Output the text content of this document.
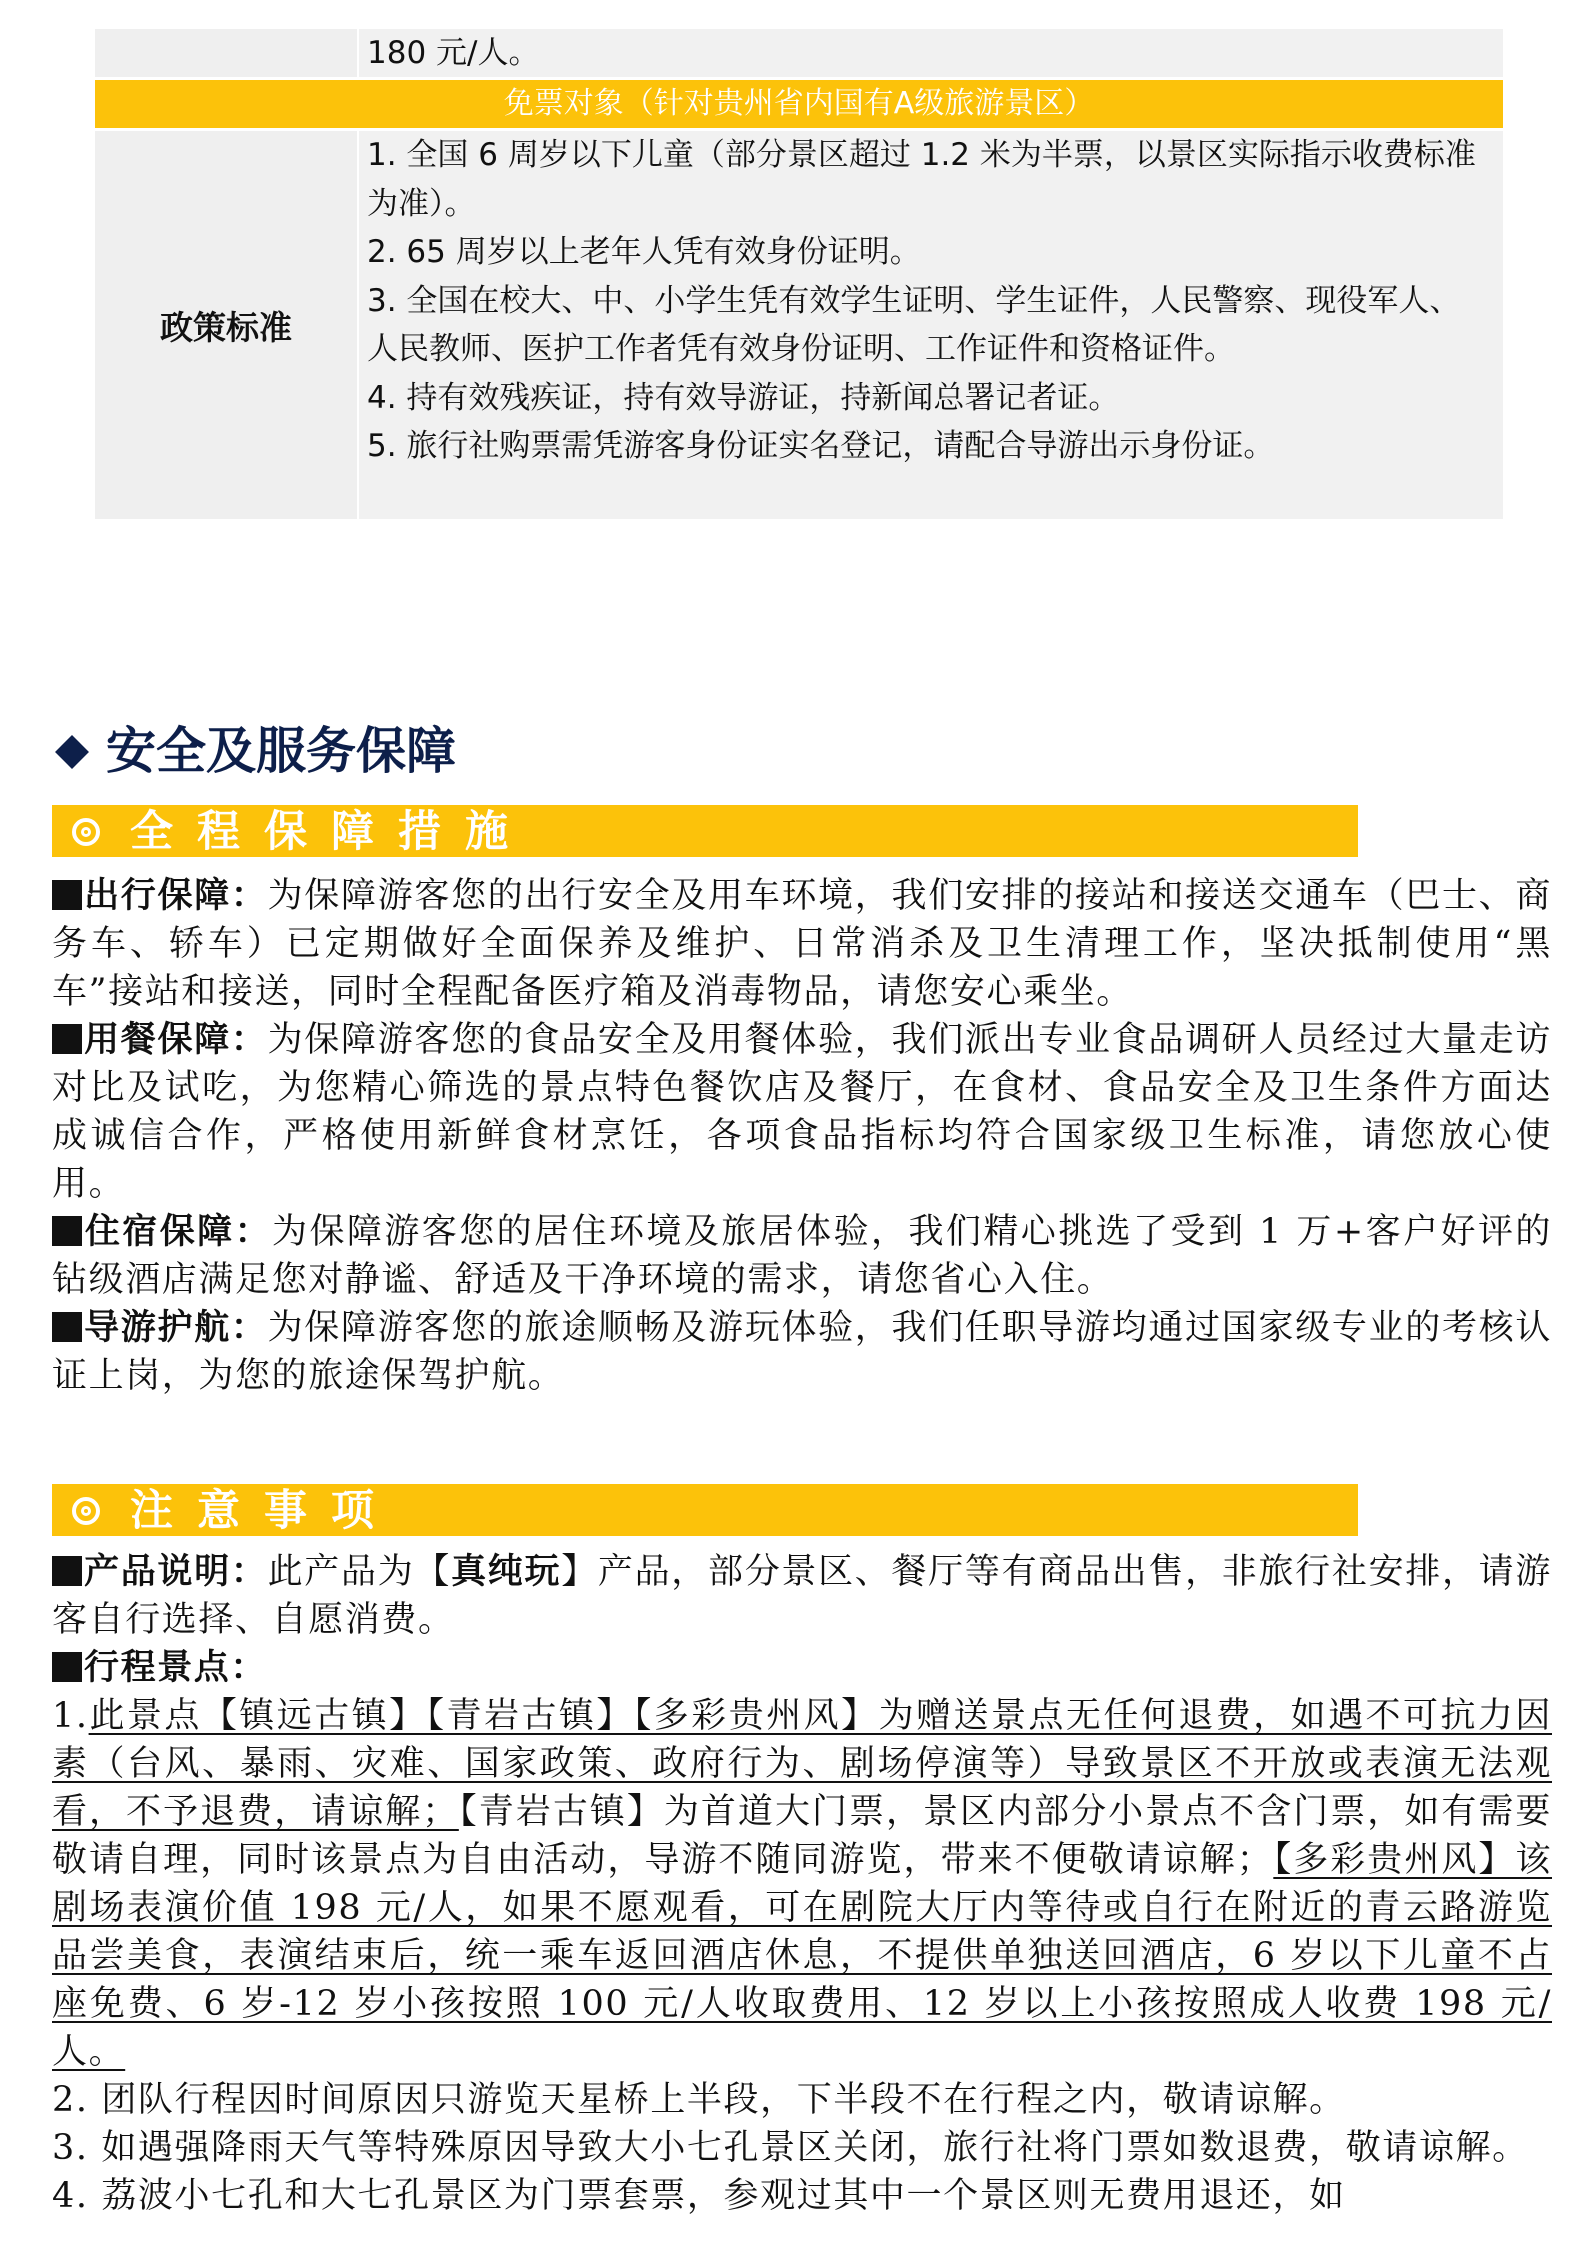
180 元/人。
免票对象（针对贵州省内国有A级旅游景区）
政策标准

1. 全国 6 周岁以下儿童（部分景区超过 1.2 米为半票，以景区实际指示收费标准为准）。

2. 65 周岁以上老年人凭有效身份证明。

3. 全国在校大、中、小学生凭有效学生证明、学生证件，人民警察、现役军人、人民教师、医护工作者凭有效身份证明、工作证件和资格证件。

4. 持有效残疾证，持有效导游证，持新闻总署记者证。

5. 旅行社购票需凭游客身份证实名登记，请配合导游出示身份证。

安全及服务保障
全程保障措施

出行保障：为保障游客您的出行安全及用车环境，我们安排的接站和接送交通车（巴士、商务车、轿车）已定期做好全面保养及维护、日常消杀及卫生清理工作，坚决抵制使用“黑车”接站和接送，同时全程配备医疗箱及消毒物品，请您安心乘坐。

用餐保障：为保障游客您的食品安全及用餐体验，我们派出专业食品调研人员经过大量走访对比及试吃，为您精心筛选的景点特色餐饮店及餐厅，在食材、食品安全及卫生条件方面达成诚信合作，严格使用新鲜食材烹饪，各项食品指标均符合国家级卫生标准，请您放心使用。

住宿保障：为保障游客您的居住环境及旅居体验，我们精心挑选了受到 1 万+客户好评的钻级酒店满足您对静谧、舒适及干净环境的需求，请您省心入住。

导游护航：为保障游客您的旅途顺畅及游玩体验，我们任职导游均通过国家级专业的考核认证上岗，为您的旅途保驾护航。

注意事项

产品说明：此产品为【真纯玩】产品，部分景区、餐厅等有商品出售，非旅行社安排，请游客自行选择、自愿消费。

行程景点：

1.此景点【镇远古镇】【青岩古镇】【多彩贵州风】为赠送景点无任何退费，如遇不可抗力因素（台风、暴雨、灾难、国家政策、政府行为、剧场停演等）导致景区不开放或表演无法观看，不予退费，请谅解；【青岩古镇】为首道大门票，景区内部分小景点不含门票，如有需要敬请自理，同时该景点为自由活动，导游不随同游览，带来不便敬请谅解；【多彩贵州风】该剧场表演价值 198 元/人，如果不愿观看，可在剧院大厅内等待或自行在附近的青云路游览品尝美食，表演结束后，统一乘车返回酒店休息，不提供单独送回酒店，6 岁以下儿童不占座免费、6 岁-12 岁小孩按照 100 元/人收取费用、12 岁以上小孩按照成人收费 198 元/人。

2. 团队行程因时间原因只游览天星桥上半段，下半段不在行程之内，敬请谅解。

3. 如遇强降雨天气等特殊原因导致大小七孔景区关闭，旅行社将门票如数退费，敬请谅解。

4. 荔波小七孔和大七孔景区为门票套票，参观过其中一个景区则无费用退还，如
